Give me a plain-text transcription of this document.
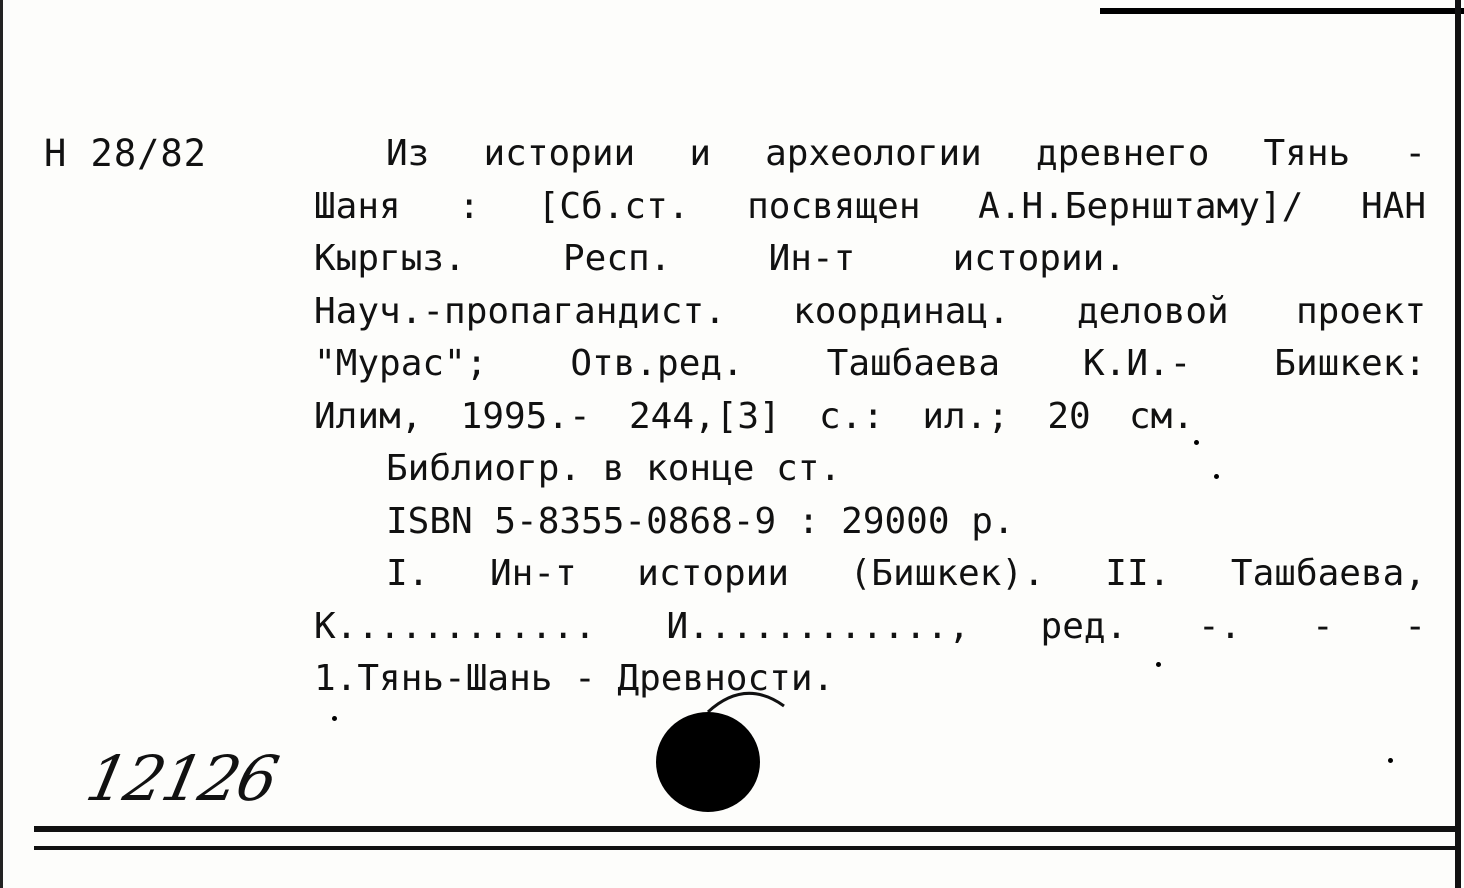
Н 28/82	Из истории и археологии древнего Тянь -
Шаня : [Сб.ст. посвящен А.Н.Бернштаму]/ НАН
Кыргыз. Респ. Ин-т истории.
Науч.-пропагандист. координац. деловой проект
"Мурас"; Отв.ред. Ташбаева К.И.- Бишкек:
Илим, 1995.- 244,[3] с.: ил.; 20 см.
Библиогр. в конце ст.
ISBN 5-8355-0868-9 : 29000 р.
I. Ин-т истории (Бишкек). II. Ташбаева,
К............ И............, ред. -. - -
1.Тянь-Шань - Древности.
12126
